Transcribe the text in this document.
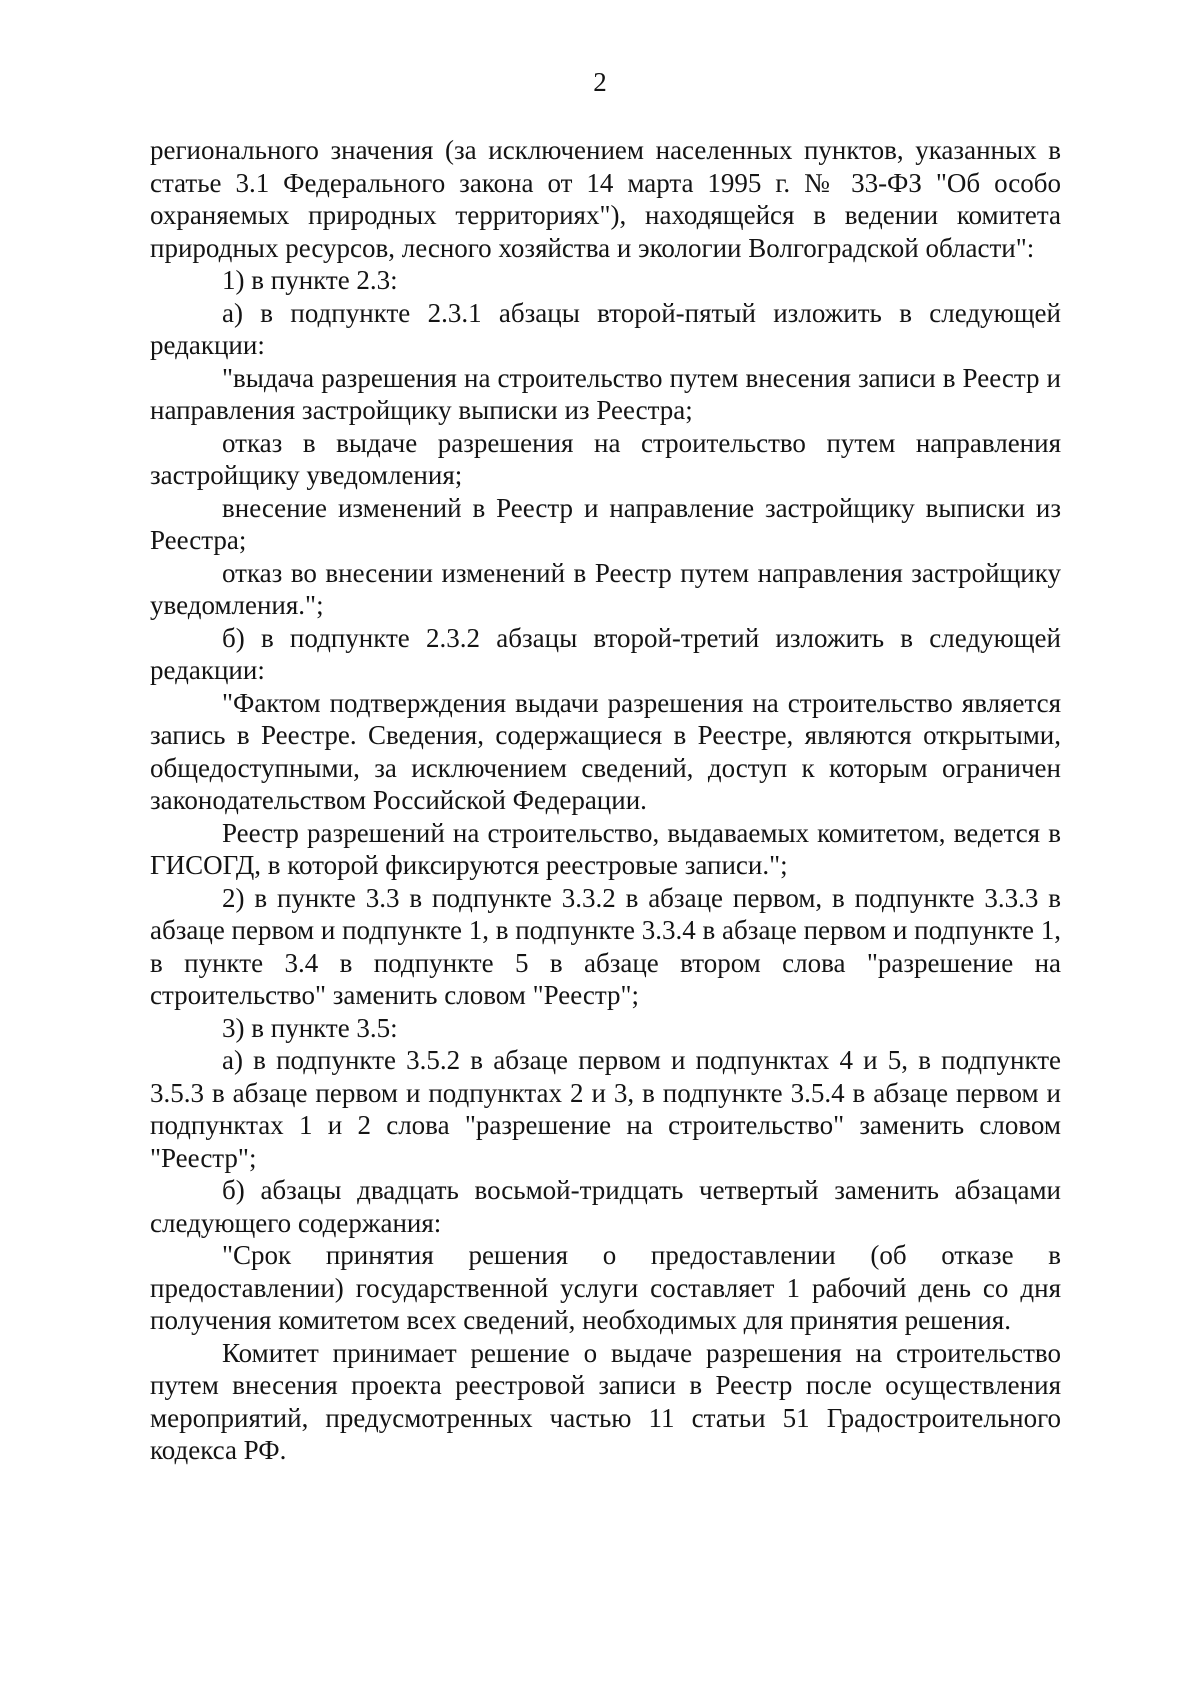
2

регионального значения (за исключением населенных пунктов, указанных в статье 3.1 Федерального закона от 14 марта 1995 г. № 33-ФЗ "Об особо охраняемых природных территориях"), находящейся в ведении комитета природных ресурсов, лесного хозяйства и экологии Волгоградской области":

1) в пункте 2.3:

а) в подпункте 2.3.1 абзацы второй-пятый изложить в следующей редакции:

"выдача разрешения на строительство путем внесения записи в Реестр и направления застройщику выписки из Реестра;

отказ в выдаче разрешения на строительство путем направления застройщику уведомления;

внесение изменений в Реестр и направление застройщику выписки из Реестра;

отказ во внесении изменений в Реестр путем направления застройщику уведомления.";

б) в подпункте 2.3.2 абзацы второй-третий изложить в следующей редакции:

"Фактом подтверждения выдачи разрешения на строительство является запись в Реестре. Сведения, содержащиеся в Реестре, являются открытыми, общедоступными, за исключением сведений, доступ к которым ограничен законодательством Российской Федерации.

Реестр разрешений на строительство, выдаваемых комитетом, ведется в ГИСОГД, в которой фиксируются реестровые записи.";

2) в пункте 3.3 в подпункте 3.3.2 в абзаце первом, в подпункте 3.3.3 в абзаце первом и подпункте 1, в подпункте 3.3.4 в абзаце первом и подпункте 1, в пункте 3.4 в подпункте 5 в абзаце втором слова "разрешение на строительство" заменить словом "Реестр";

3) в пункте 3.5:

а) в подпункте 3.5.2 в абзаце первом и подпунктах 4 и 5, в подпункте 3.5.3 в абзаце первом и подпунктах 2 и 3, в подпункте 3.5.4 в абзаце первом и подпунктах 1 и 2 слова "разрешение на строительство" заменить словом "Реестр";

б) абзацы двадцать восьмой-тридцать четвертый заменить абзацами следующего содержания:

"Срок принятия решения о предоставлении (об отказе в предоставлении) государственной услуги составляет 1 рабочий день со дня получения комитетом всех сведений, необходимых для принятия решения.

Комитет принимает решение о выдаче разрешения на строительство путем внесения проекта реестровой записи в Реестр после осуществления мероприятий, предусмотренных частью 11 статьи 51 Градостроительного кодекса РФ.
